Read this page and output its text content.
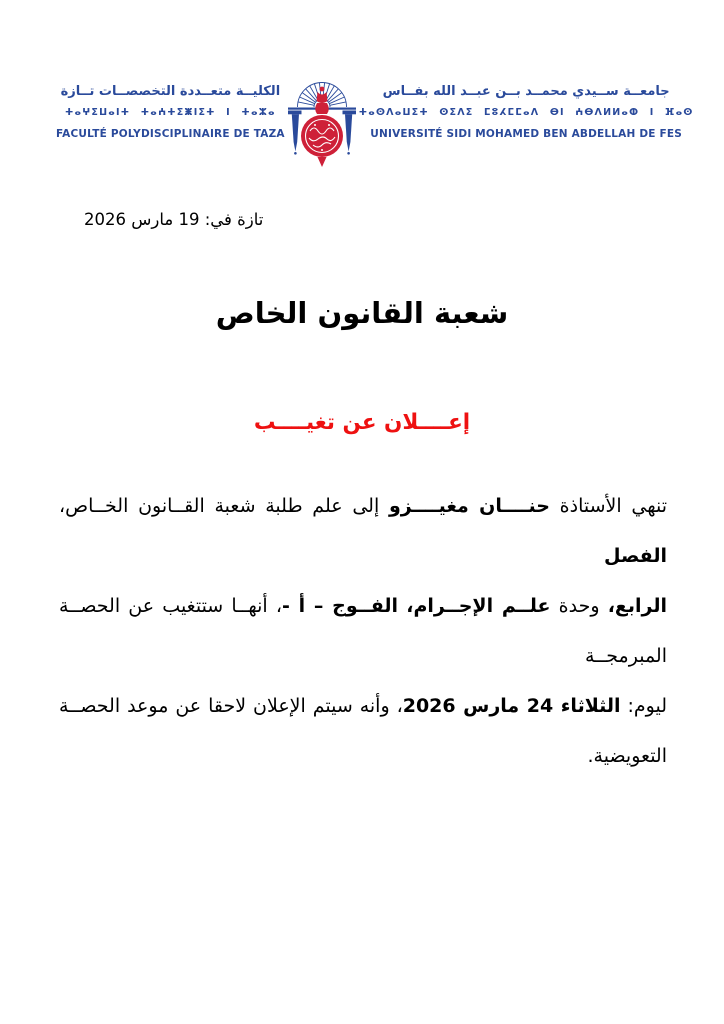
الكليــة متعــددة التخصصــات تــازة
ⵜⴰⵖⵉⵡⴰⵏⵜ ⵜⴰⵄⵜⵉⵥⵏⵉⵜ ⵏ ⵜⴰⵣⴰ
FACULTÉ POLYDISCIPLINAIRE DE TAZA
جامعــة ســيدي محمــد بــن عبــد الله بفــاس
ⵜⴰⵙⴷⴰⵡⵉⵜ ⵙⵉⴷⵉ ⵎⵓⵃⵎⵎⴰⴷ ⴱⵏ ⵄⴱⴷⵍⵍⴰⵀ ⵏ ⴼⴰⵙ
UNIVERSITÉ SIDI MOHAMED BEN ABDELLAH DE FES
تازة في: 19 مارس 2026
شعبة القانون الخاص
إعــــلان عن تغيــــب
تنهي الأستاذة حنــــان مغيــــزو إلى علم طلبة شعبة القــانون الخــاص، الفصل
الرابع، وحدة علــم الإجــرام، الفــوج – أ -، أنهــا ستتغيب عن الحصــة المبرمجــة
ليوم: الثلاثاء 24 مارس 2026، وأنه سيتم الإعلان لاحقا عن موعد الحصــة
التعويضية.
